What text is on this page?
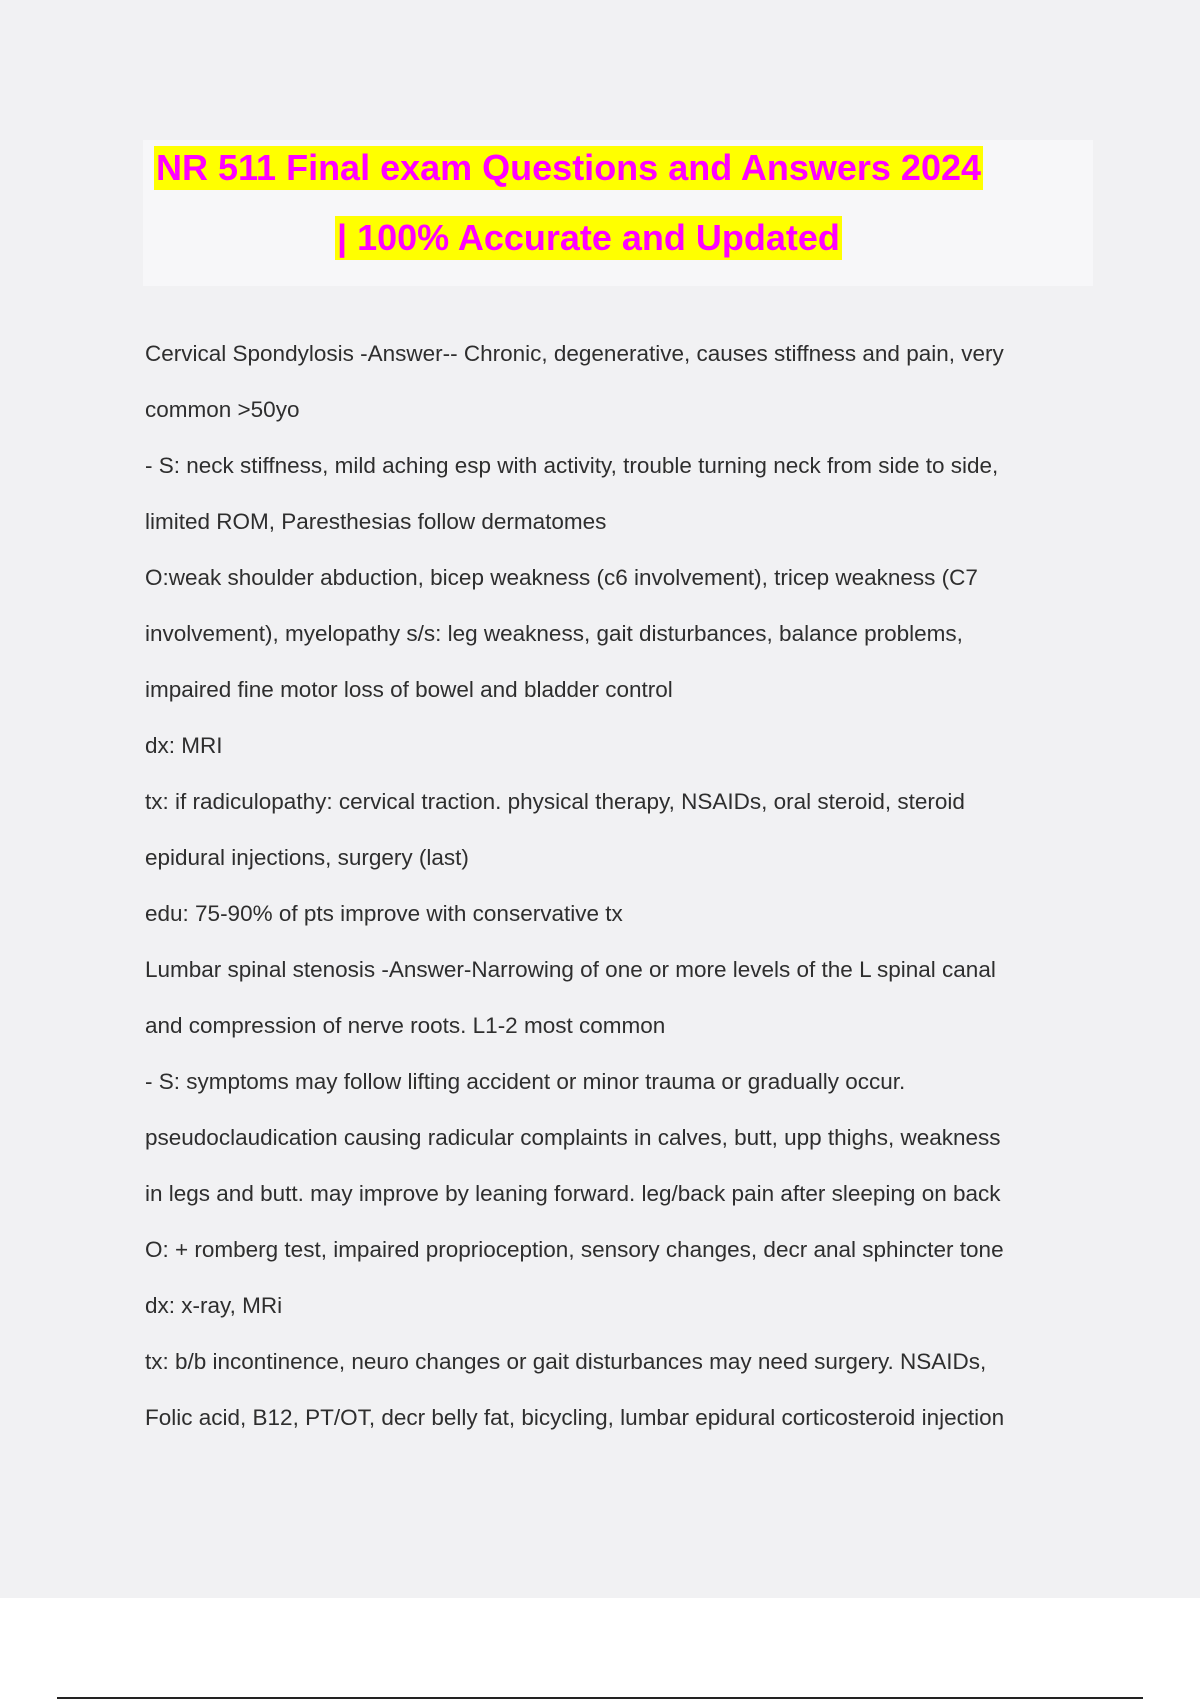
NR 511 Final exam Questions and Answers 2024
| 100% Accurate and Updated
Cervical Spondylosis -Answer-- Chronic, degenerative, causes stiffness and pain, very
common >50yo
- S: neck stiffness, mild aching esp with activity, trouble turning neck from side to side,
limited ROM, Paresthesias follow dermatomes
O:weak shoulder abduction, bicep weakness (c6 involvement), tricep weakness (C7
involvement), myelopathy s/s: leg weakness, gait disturbances, balance problems,
impaired fine motor loss of bowel and bladder control
dx: MRI
tx: if radiculopathy: cervical traction. physical therapy, NSAIDs, oral steroid, steroid
epidural injections, surgery (last)
edu: 75-90% of pts improve with conservative tx
Lumbar spinal stenosis -Answer-Narrowing of one or more levels of the L spinal canal
and compression of nerve roots. L1-2 most common
- S: symptoms may follow lifting accident or minor trauma or gradually occur.
pseudoclaudication causing radicular complaints in calves, butt, upp thighs, weakness
in legs and butt. may improve by leaning forward. leg/back pain after sleeping on back
O: + romberg test, impaired proprioception, sensory changes, decr anal sphincter tone
dx: x-ray, MRi
tx: b/b incontinence, neuro changes or gait disturbances may need surgery. NSAIDs,
Folic acid, B12, PT/OT, decr belly fat, bicycling, lumbar epidural corticosteroid injection
